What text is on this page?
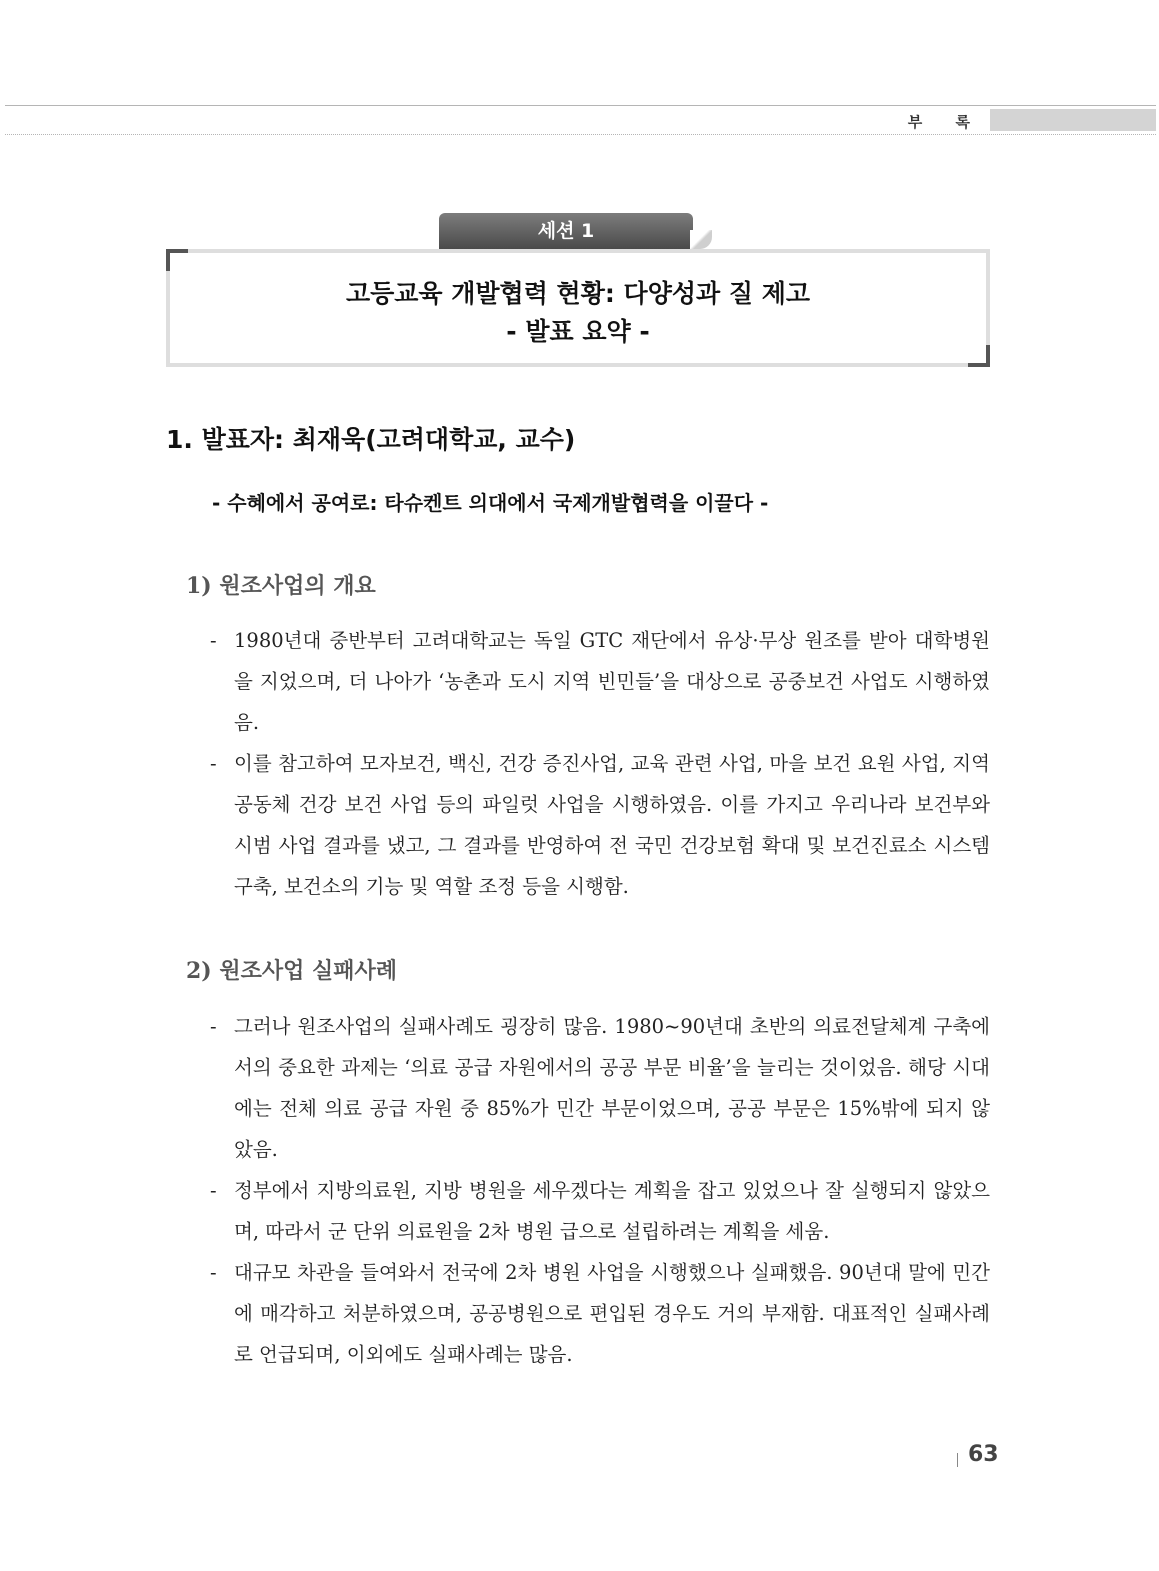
부 록
세션 1
고등교육 개발협력 현황: 다양성과 질 제고
- 발표 요약 -
1. 발표자: 최재욱(고려대학교, 교수)
- 수혜에서 공여로: 타슈켄트 의대에서 국제개발협력을 이끌다 -
1) 원조사업의 개요
- 1980년대 중반부터 고려대학교는 독일 GTC 재단에서 유상·무상 원조를 받아 대학병원을 지었으며, 더 나아가 ‘농촌과 도시 지역 빈민들’을 대상으로 공중보건 사업도 시행하였음.
- 이를 참고하여 모자보건, 백신, 건강 증진사업, 교육 관련 사업, 마을 보건 요원 사업, 지역 공동체 건강 보건 사업 등의 파일럿 사업을 시행하였음. 이를 가지고 우리나라 보건부와 시범 사업 결과를 냈고, 그 결과를 반영하여 전 국민 건강보험 확대 및 보건진료소 시스템 구축, 보건소의 기능 및 역할 조정 등을 시행함.
2) 원조사업 실패사례
- 그러나 원조사업의 실패사례도 굉장히 많음. 1980~90년대 초반의 의료전달체계 구축에서의 중요한 과제는 ‘의료 공급 자원에서의 공공 부문 비율’을 늘리는 것이었음. 해당 시대에는 전체 의료 공급 자원 중 85%가 민간 부문이었으며, 공공 부문은 15%밖에 되지 않았음.
- 정부에서 지방의료원, 지방 병원을 세우겠다는 계획을 잡고 있었으나 잘 실행되지 않았으며, 따라서 군 단위 의료원을 2차 병원 급으로 설립하려는 계획을 세움.
- 대규모 차관을 들여와서 전국에 2차 병원 사업을 시행했으나 실패했음. 90년대 말에 민간에 매각하고 처분하였으며, 공공병원으로 편입된 경우도 거의 부재함. 대표적인 실패사례로 언급되며, 이외에도 실패사례는 많음.
63
